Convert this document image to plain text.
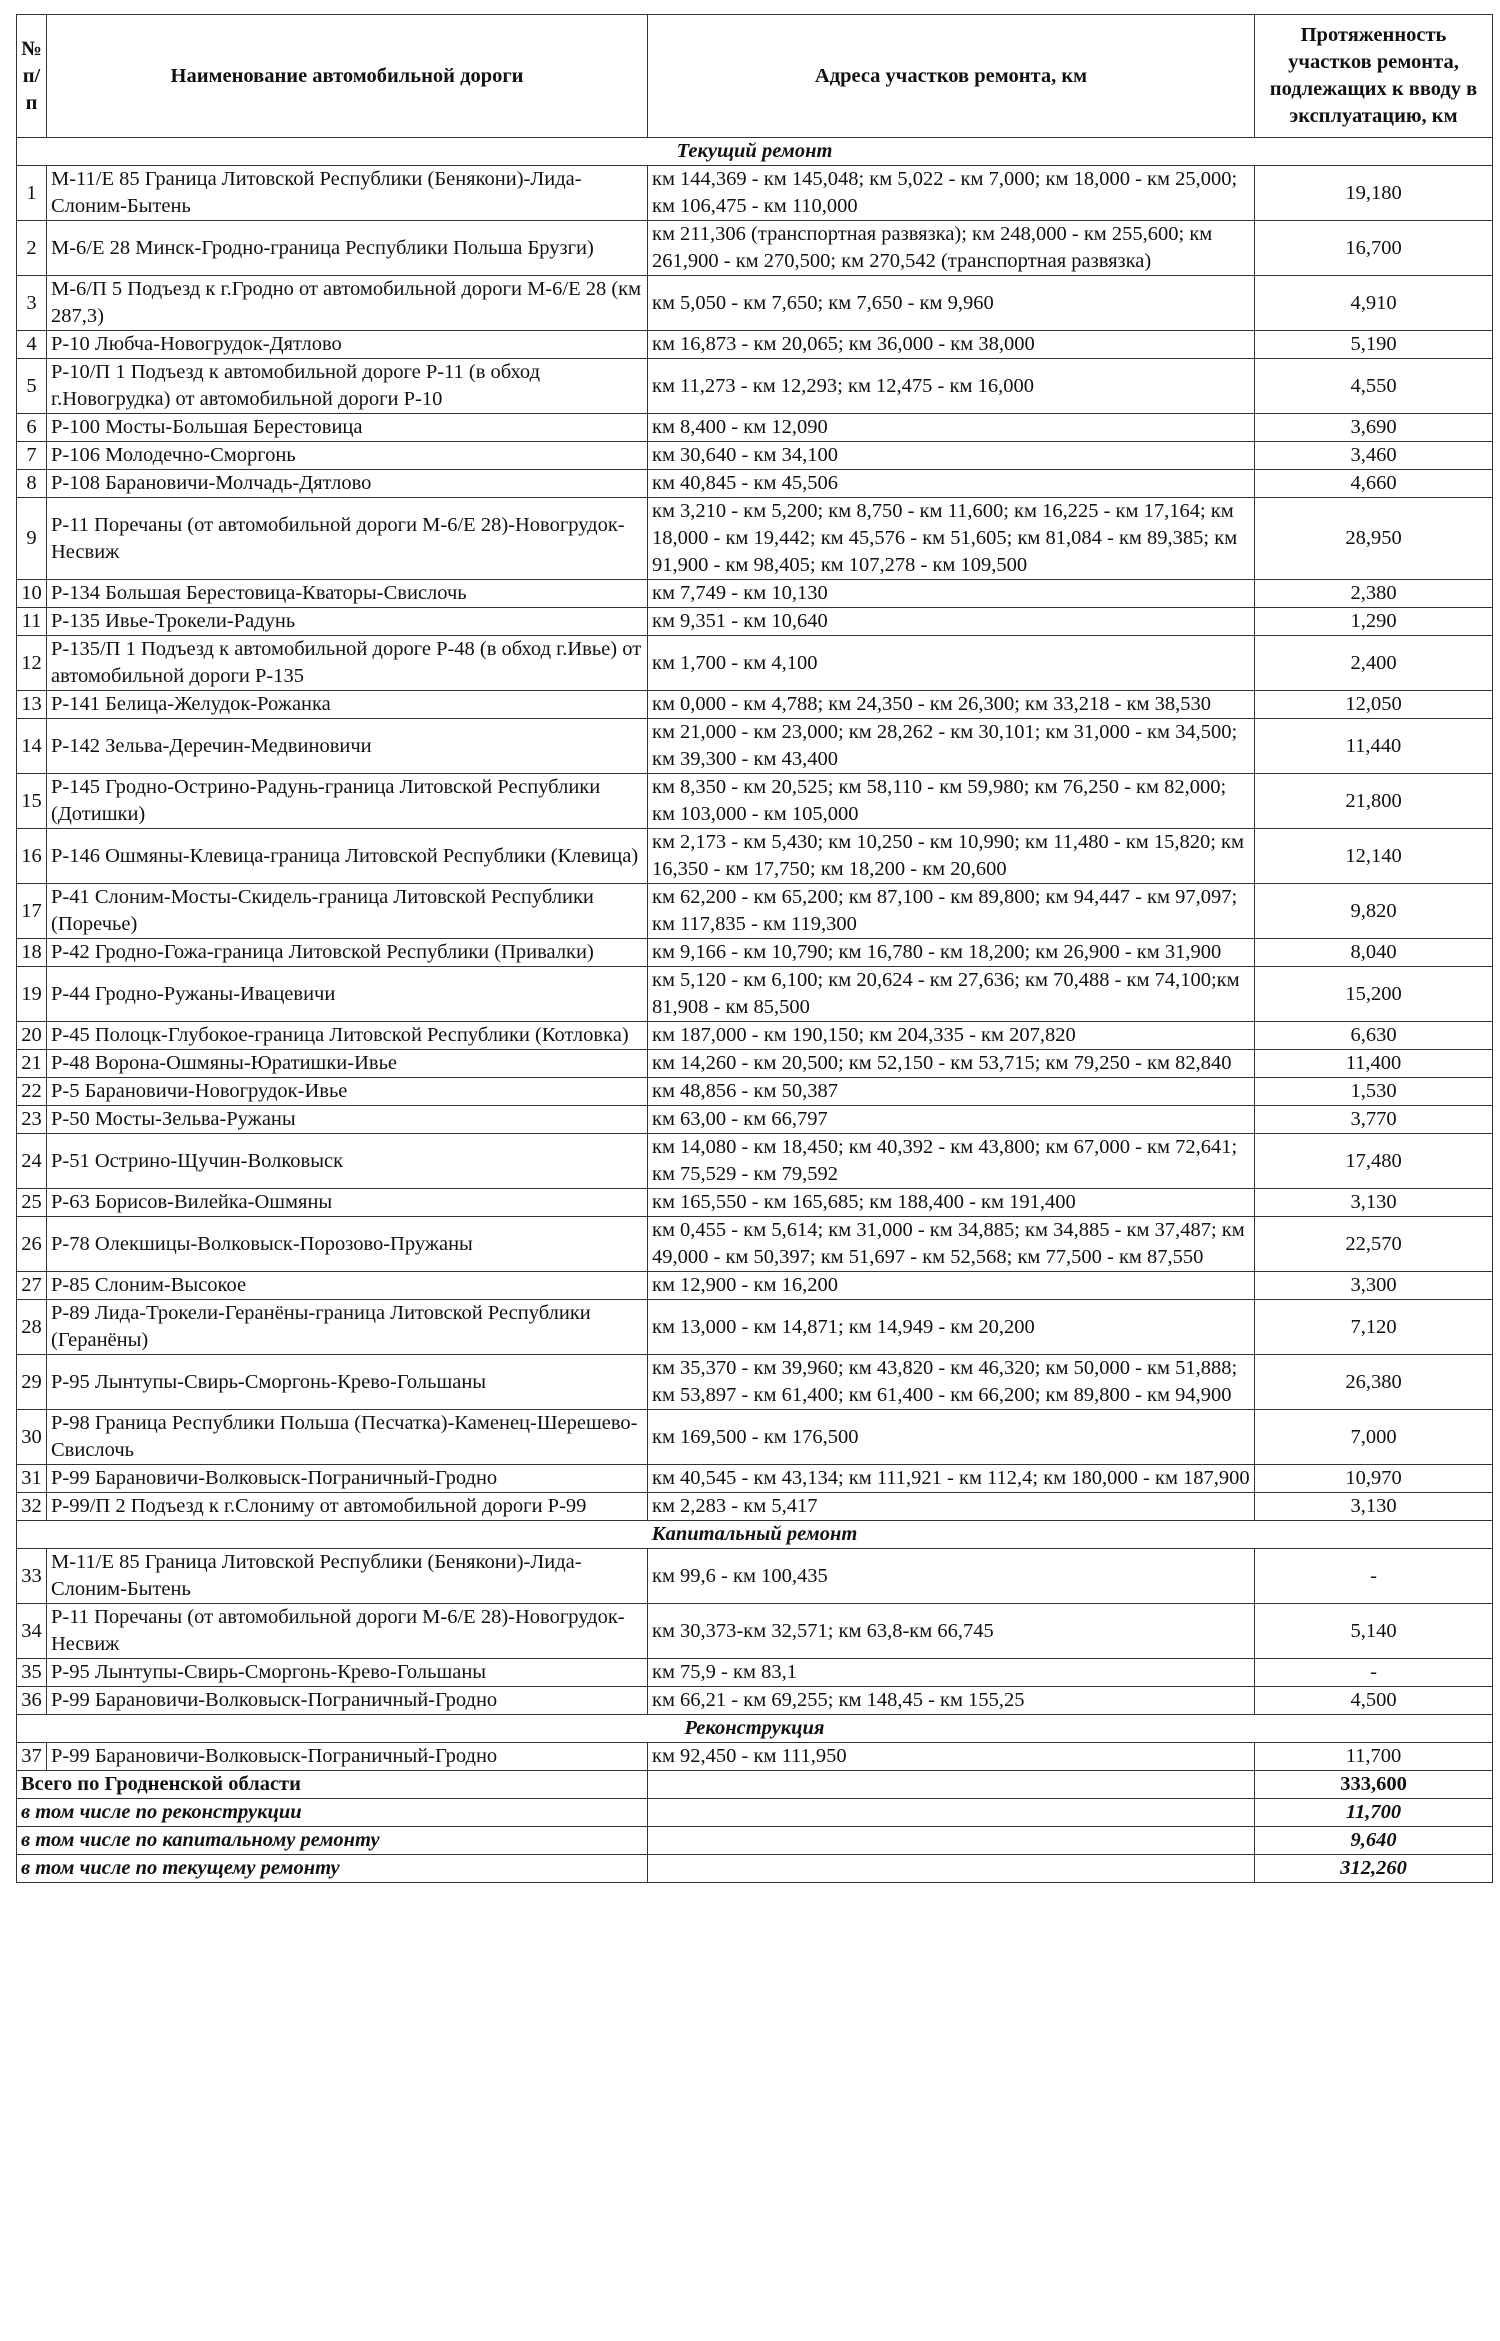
№ п/п	Наименование автомобильной дороги	Адреса участков ремонта, км	Протяженность участков ремонта, подлежащих к вводу в эксплуатацию, км
Текущий ремонт			
1	М-11/Е 85 Граница Литовской Республики (Бенякони)-Лида-Слоним-Бытень	км 144,369 - км 145,048; км 5,022 - км 7,000; км 18,000 - км 25,000; км 106,475 - км 110,000	19,180
2	М-6/Е 28 Минск-Гродно-граница Республики Польша Брузги)	км 211,306 (транспортная развязка); км 248,000 - км 255,600; км 261,900 - км 270,500; км 270,542 (транспортная развязка)	16,700
3	М-6/П 5 Подъезд к г.Гродно от автомобильной дороги М-6/Е 28 (км 287,3)	км 5,050 - км 7,650; км 7,650 - км 9,960	4,910
4	Р-10 Любча-Новогрудок-Дятлово	км 16,873 - км 20,065; км 36,000 - км 38,000	5,190
5	Р-10/П 1 Подъезд к автомобильной дороге Р-11 (в обход г.Новогрудка) от автомобильной дороги Р-10	км 11,273 - км 12,293; км 12,475 - км 16,000	4,550
6	Р-100 Мосты-Большая Берестовица	км 8,400 - км 12,090	3,690
7	Р-106 Молодечно-Сморгонь	км 30,640 - км 34,100	3,460
8	Р-108 Барановичи-Молчадь-Дятлово	км 40,845 - км 45,506	4,660
9	Р-11 Поречаны (от автомобильной дороги М-6/Е 28)-Новогрудок-Несвиж	км 3,210 - км 5,200; км 8,750 - км 11,600; км 16,225 - км 17,164; км 18,000 - км 19,442; км 45,576 - км 51,605; км 81,084 - км 89,385; км 91,900 - км 98,405; км 107,278 - км 109,500	28,950
10	Р-134 Большая Берестовица-Кваторы-Свислочь	км 7,749 - км 10,130	2,380
11	Р-135 Ивье-Трокели-Радунь	км 9,351 - км 10,640	1,290
12	Р-135/П 1 Подъезд к автомобильной дороге Р-48 (в обход г.Ивье) от автомобильной дороги Р-135	км 1,700 - км 4,100	2,400
13	Р-141 Белица-Желудок-Рожанка	км 0,000 - км 4,788; км 24,350 - км 26,300; км 33,218 - км 38,530	12,050
14	Р-142 Зельва-Деречин-Медвиновичи	км 21,000 - км 23,000; км 28,262 - км 30,101; км 31,000 - км 34,500; км 39,300 - км 43,400	11,440
15	Р-145 Гродно-Острино-Радунь-граница Литовской Республики (Дотишки)	км 8,350 - км 20,525; км 58,110 - км 59,980; км 76,250 - км 82,000; км 103,000 - км 105,000	21,800
16	Р-146 Ошмяны-Клевица-граница Литовской Республики (Клевица)	км 2,173 - км 5,430; км 10,250 - км 10,990; км 11,480 - км 15,820; км 16,350 - км 17,750; км 18,200 - км 20,600	12,140
17	Р-41 Слоним-Мосты-Скидель-граница Литовской Республики (Поречье)	км 62,200 - км 65,200; км 87,100 - км 89,800; км 94,447 - км 97,097; км 117,835 - км 119,300	9,820
18	Р-42 Гродно-Гожа-граница Литовской Республики (Привалки)	км 9,166 - км 10,790; км 16,780 - км 18,200; км 26,900 - км 31,900	8,040
19	Р-44 Гродно-Ружаны-Ивацевичи	км 5,120 - км 6,100; км 20,624 - км 27,636; км 70,488 - км 74,100;км 81,908 - км 85,500	15,200
20	Р-45 Полоцк-Глубокое-граница Литовской Республики (Котловка)	км 187,000 - км 190,150; км 204,335 - км 207,820	6,630
21	Р-48 Ворона-Ошмяны-Юратишки-Ивье	км 14,260 - км 20,500; км 52,150 - км 53,715; км 79,250 - км 82,840	11,400
22	Р-5 Барановичи-Новогрудок-Ивье	км 48,856 - км 50,387	1,530
23	Р-50 Мосты-Зельва-Ружаны	км 63,00 - км 66,797	3,770
24	Р-51 Острино-Щучин-Волковыск	км 14,080 - км 18,450; км 40,392 - км 43,800; км 67,000 - км 72,641; км 75,529 - км 79,592	17,480
25	Р-63 Борисов-Вилейка-Ошмяны	км 165,550 - км 165,685; км 188,400 - км 191,400	3,130
26	Р-78 Олекшицы-Волковыск-Порозово-Пружаны	км 0,455 - км 5,614; км 31,000 - км 34,885; км 34,885 - км 37,487; км 49,000 - км 50,397; км 51,697 - км 52,568; км 77,500 - км 87,550	22,570
27	Р-85 Слоним-Высокое	км 12,900 - км 16,200	3,300
28	Р-89 Лида-Трокели-Геранёны-граница Литовской Республики (Геранёны)	км 13,000 - км 14,871; км 14,949 - км 20,200	7,120
29	Р-95 Лынтупы-Свирь-Сморгонь-Крево-Гольшаны	км 35,370 - км 39,960; км 43,820 - км 46,320; км 50,000 - км 51,888; км 53,897 - км 61,400; км 61,400 - км 66,200; км 89,800 - км 94,900	26,380
30	Р-98 Граница Республики Польша (Песчатка)-Каменец-Шерешево-Свислочь	км 169,500 - км 176,500	7,000
31	Р-99 Барановичи-Волковыск-Пограничный-Гродно	км 40,545 - км 43,134; км 111,921 - км 112,4; км 180,000 - км 187,900	10,970
32	Р-99/П 2 Подъезд к г.Слониму от автомобильной дороги Р-99	км 2,283 - км 5,417	3,130
Капитальный ремонт			
33	М-11/Е 85 Граница Литовской Республики (Бенякони)-Лида-Слоним-Бытень	км 99,6 - км 100,435	-
34	Р-11 Поречаны (от автомобильной дороги М-6/Е 28)-Новогрудок-Несвиж	км 30,373-км 32,571; км 63,8-км 66,745	5,140
35	Р-95 Лынтупы-Свирь-Сморгонь-Крево-Гольшаны	км 75,9 - км 83,1	-
36	Р-99 Барановичи-Волковыск-Пограничный-Гродно	км 66,21 - км 69,255; км 148,45 - км 155,25	4,500
Реконструкция			
37	Р-99 Барановичи-Волковыск-Пограничный-Гродно	км 92,450 - км 111,950	11,700
Всего по Гродненской области			333,600
в том числе по реконструкции			11,700
в том числе по капитальному ремонту			9,640
в том числе по текущему ремонту			312,260
